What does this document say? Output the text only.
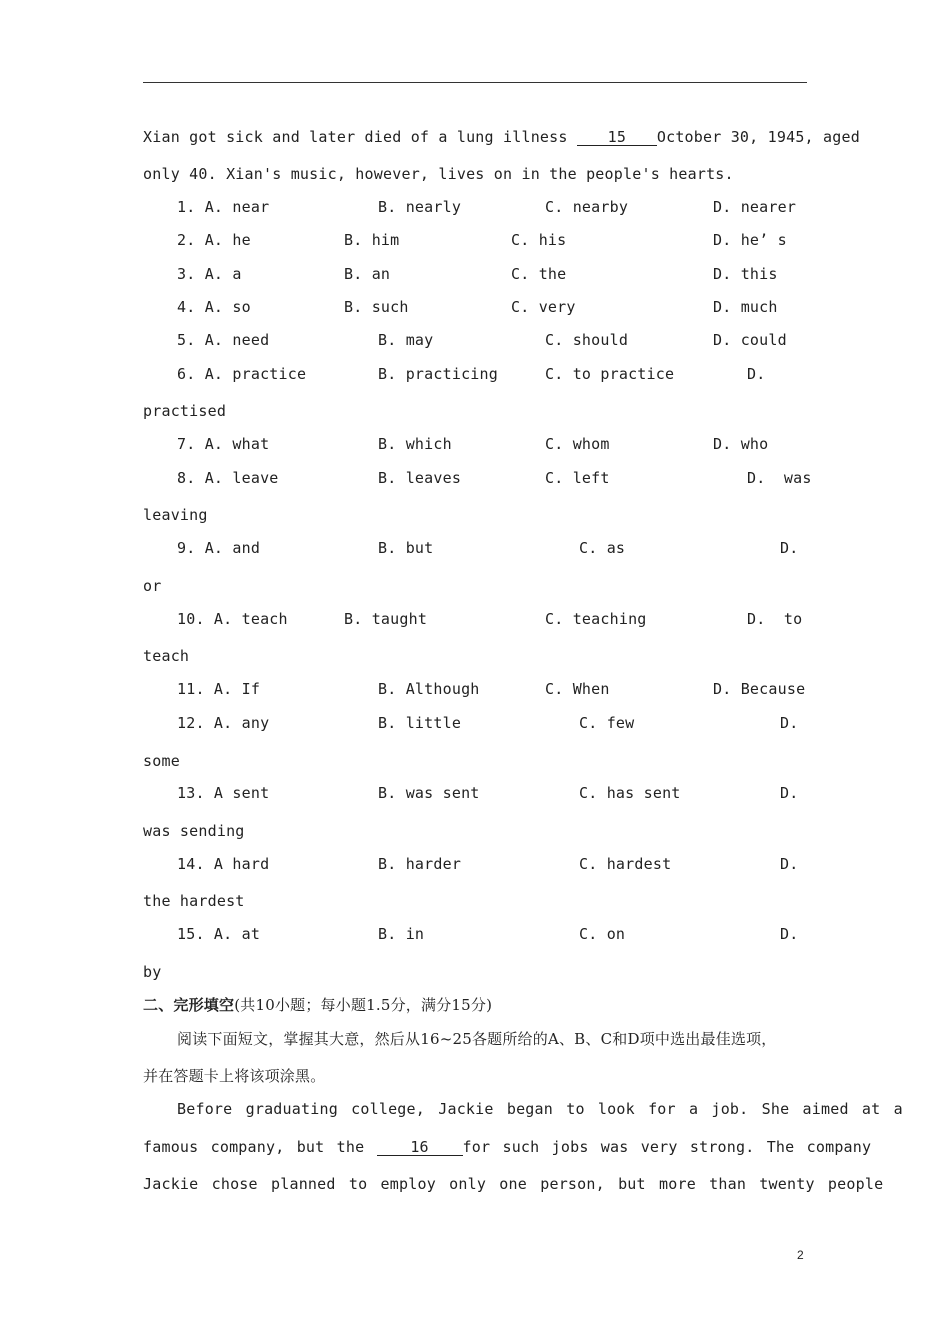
Xian got sick and later died of a lung illness 15 October 30, 1945, aged
only 40. Xian's music, however, lives on in the people's hearts.
1. A. near	B. nearly	C. nearby	D. nearer
2. A. he	B. him	C. his	D. he’ s
3. A. a	B. an	C. the	D. this
4. A. so	B. such	C. very	D. much
5. A. need	B. may	C. should	D. could
6. A. practice	B. practicing	C. to practice	D.
practised
7. A. what	B. which	C. whom	D. who
8. A. leave	B. leaves	C. left	D.  was
leaving
9. A. and	B. but	C. as	D.
or
10. A. teach	B. taught	C. teaching	D.  to
teach
11. A. If	B. Although	C. When	D. Because
12. A. any	B. little	C. few	D.
some
13. A sent	B. was sent	C. has sent	D.
was sending
14. A hard	B. harder	C. hardest	D.
the hardest
15. A. at	B. in	C. on	D.
by
二、完形填空(共10小题；每小题1.5分，满分15分)
阅读下面短文，掌握其大意，然后从16~25各题所给的A、B、C和D项中选出最佳选项，
并在答题卡上将该项涂黑。
Before graduating college, Jackie began to look for a job. She aimed at a
famous company, but the 16 for such jobs was very strong. The company
Jackie chose planned to employ only one person, but more than twenty people
2
